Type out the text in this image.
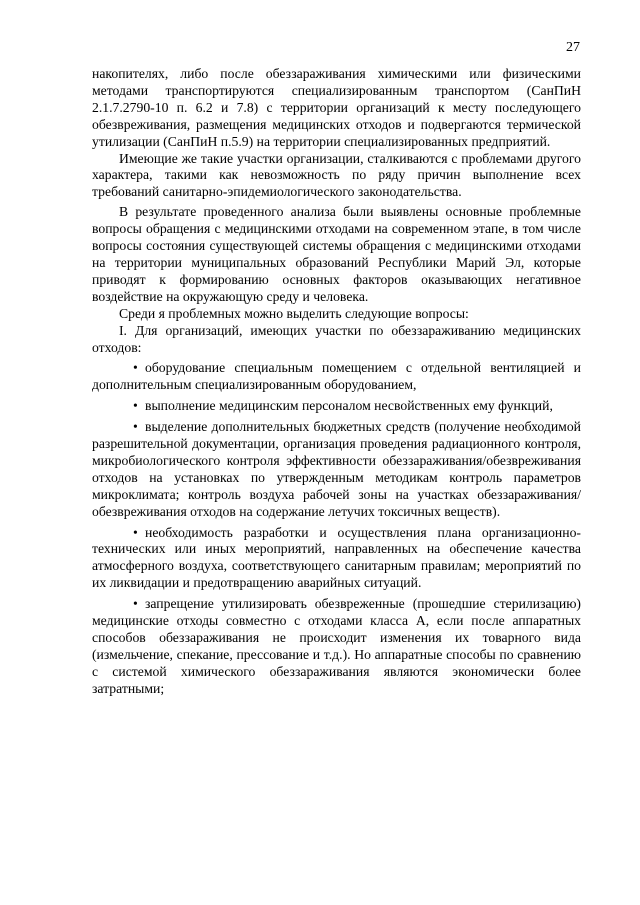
27

накопителях, либо после обеззараживания химическими или физическими методами транспортируются специализированным транспортом (СанПиН 2.1.7.2790-10 п. 6.2 и 7.8) с территории организаций к месту последующего обезвреживания, размещения медицинских отходов и подвергаются термической утилизации (СанПиН п.5.9) на территории специализированных предприятий.

Имеющие же такие участки организации, сталкиваются с проблемами другого характера, такими как невозможность по ряду причин выполнение всех требований санитарно-эпидемиологического законодательства.

В результате проведенного анализа были выявлены основные проблемные вопросы обращения с медицинскими отходами на современном этапе, в том числе вопросы состояния существующей системы обращения с медицинскими отходами на территории муниципальных образований Республики Марий Эл, которые приводят к формированию основных факторов оказывающих негативное воздействие на окружающую среду и человека.

Среди я проблемных можно выделить следующие вопросы:

I. Для организаций, имеющих участки по обеззараживанию медицинских отходов:

• оборудование специальным помещением с отдельной вентиляцией и дополнительным специализированным оборудованием,

• выполнение медицинским персоналом несвойственных ему функций,

• выделение дополнительных бюджетных средств (получение необходимой разрешительной документации, организация проведения радиационного контроля, микробиологического контроля эффективности обеззараживания/обезвреживания отходов на установках по утвержденным методикам контроль параметров микроклимата; контроль воздуха рабочей зоны на участках обеззараживания/обезвреживания отходов на содержание летучих токсичных веществ).

• необходимость разработки и осуществления плана организационно-технических или иных мероприятий, направленных на обеспечение качества атмосферного воздуха, соответствующего санитарным правилам; мероприятий по их ликвидации и предотвращению аварийных ситуаций.

• запрещение утилизировать обезвреженные (прошедшие стерилизацию) медицинские отходы совместно с отходами класса А, если после аппаратных способов обеззараживания не происходит изменения их товарного вида (измельчение, спекание, прессование и т.д.). Но аппаратные способы по сравнению с системой химического обеззараживания являются экономически более затратными;
